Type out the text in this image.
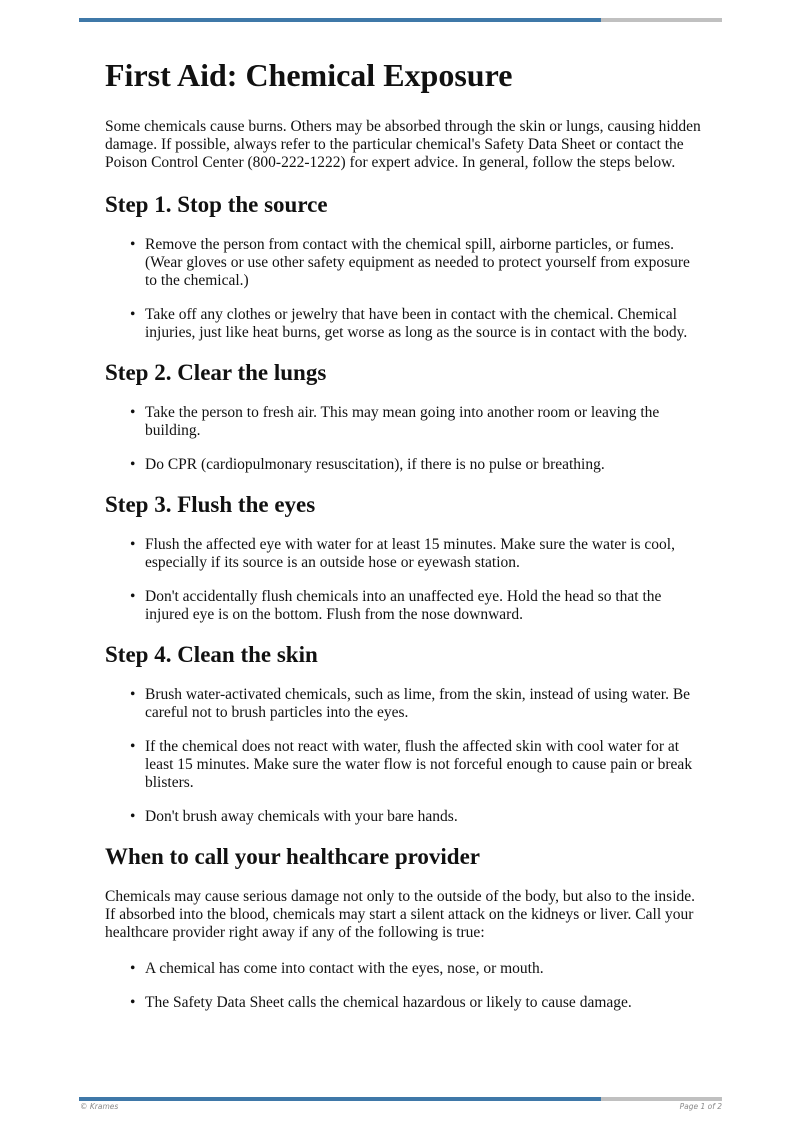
First Aid: Chemical Exposure

Some chemicals cause burns. Others may be absorbed through the skin or lungs, causing hidden damage. If possible, always refer to the particular chemical's Safety Data Sheet or contact the Poison Control Center (800-222-1222) for expert advice. In general, follow the steps below.

Step 1. Stop the source
• Remove the person from contact with the chemical spill, airborne particles, or fumes. (Wear gloves or use other safety equipment as needed to protect yourself from exposure to the chemical.)
• Take off any clothes or jewelry that have been in contact with the chemical. Chemical injuries, just like heat burns, get worse as long as the source is in contact with the body.
Step 2. Clear the lungs
• Take the person to fresh air. This may mean going into another room or leaving the building.
• Do CPR (cardiopulmonary resuscitation), if there is no pulse or breathing.
Step 3. Flush the eyes
• Flush the affected eye with water for at least 15 minutes. Make sure the water is cool, especially if its source is an outside hose or eyewash station.
• Don't accidentally flush chemicals into an unaffected eye. Hold the head so that the injured eye is on the bottom. Flush from the nose downward.
Step 4. Clean the skin
• Brush water-activated chemicals, such as lime, from the skin, instead of using water. Be careful not to brush particles into the eyes.
• If the chemical does not react with water, flush the affected skin with cool water for at least 15 minutes. Make sure the water flow is not forceful enough to cause pain or break blisters.
• Don't brush away chemicals with your bare hands.
When to call your healthcare provider

Chemicals may cause serious damage not only to the outside of the body, but also to the inside. If absorbed into the blood, chemicals may start a silent attack on the kidneys or liver. Call your healthcare provider right away if any of the following is true:

• A chemical has come into contact with the eyes, nose, or mouth.
• The Safety Data Sheet calls the chemical hazardous or likely to cause damage.
© Krames	Page 1 of 2
